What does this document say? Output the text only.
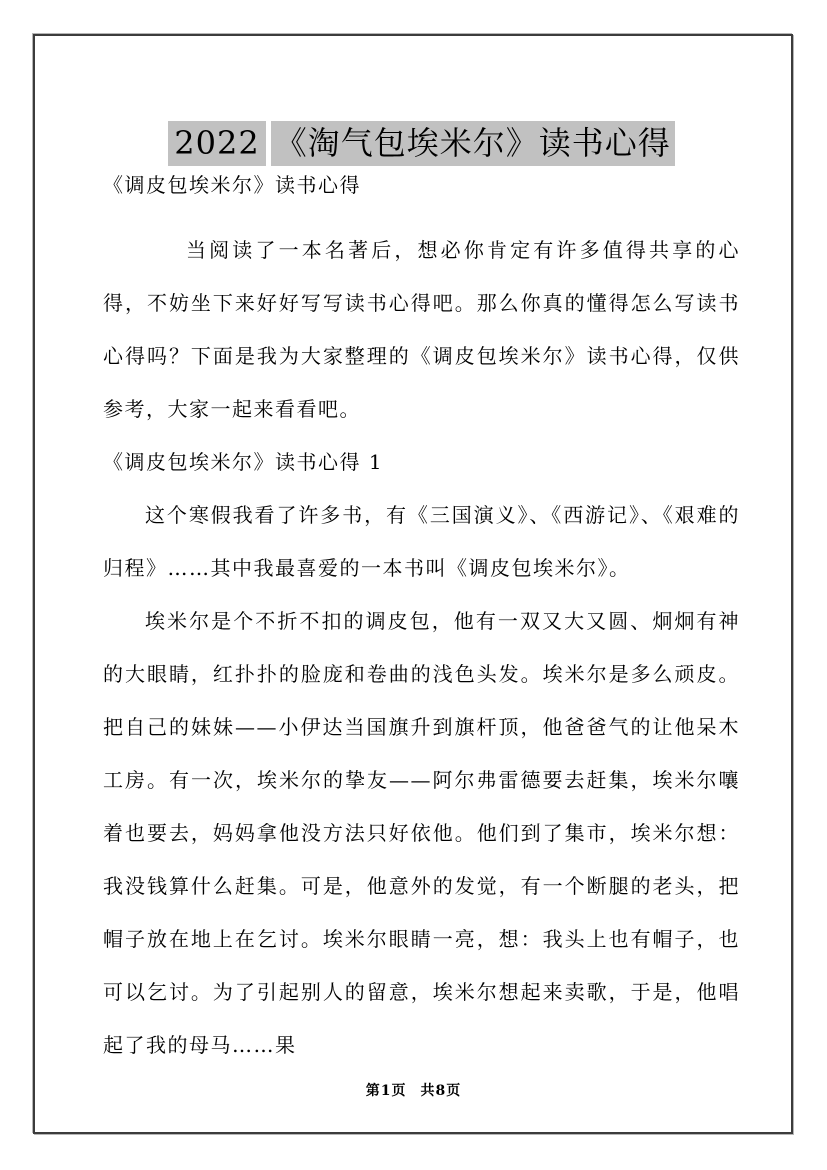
2022 《淘气包埃米尔》读书心得

《调皮包埃米尔》读书心得

当阅读了一本名著后，想必你肯定有许多值得共享的心得，不妨坐下来好好写写读书心得吧。那么你真的懂得怎么写读书心得吗？下面是我为大家整理的《调皮包埃米尔》读书心得，仅供参考，大家一起来看看吧。

《调皮包埃米尔》读书心得 1

这个寒假我看了许多书，有《三国演义》、《西游记》、《艰难的归程》……其中我最喜爱的一本书叫《调皮包埃米尔》。

埃米尔是个不折不扣的调皮包，他有一双又大又圆、炯炯有神的大眼睛，红扑扑的脸庞和卷曲的浅色头发。埃米尔是多么顽皮。把自己的妹妹——小伊达当国旗升到旗杆顶，他爸爸气的让他呆木工房。有一次，埃米尔的挚友——阿尔弗雷德要去赶集，埃米尔嚷着也要去，妈妈拿他没方法只好依他。他们到了集市，埃米尔想：我没钱算什么赶集。可是，他意外的发觉，有一个断腿的老头，把帽子放在地上在乞讨。埃米尔眼睛一亮，想：我头上也有帽子，也可以乞讨。为了引起别人的留意，埃米尔想起来卖歌，于是，他唱起了我的母马……果

第1页 共8页
